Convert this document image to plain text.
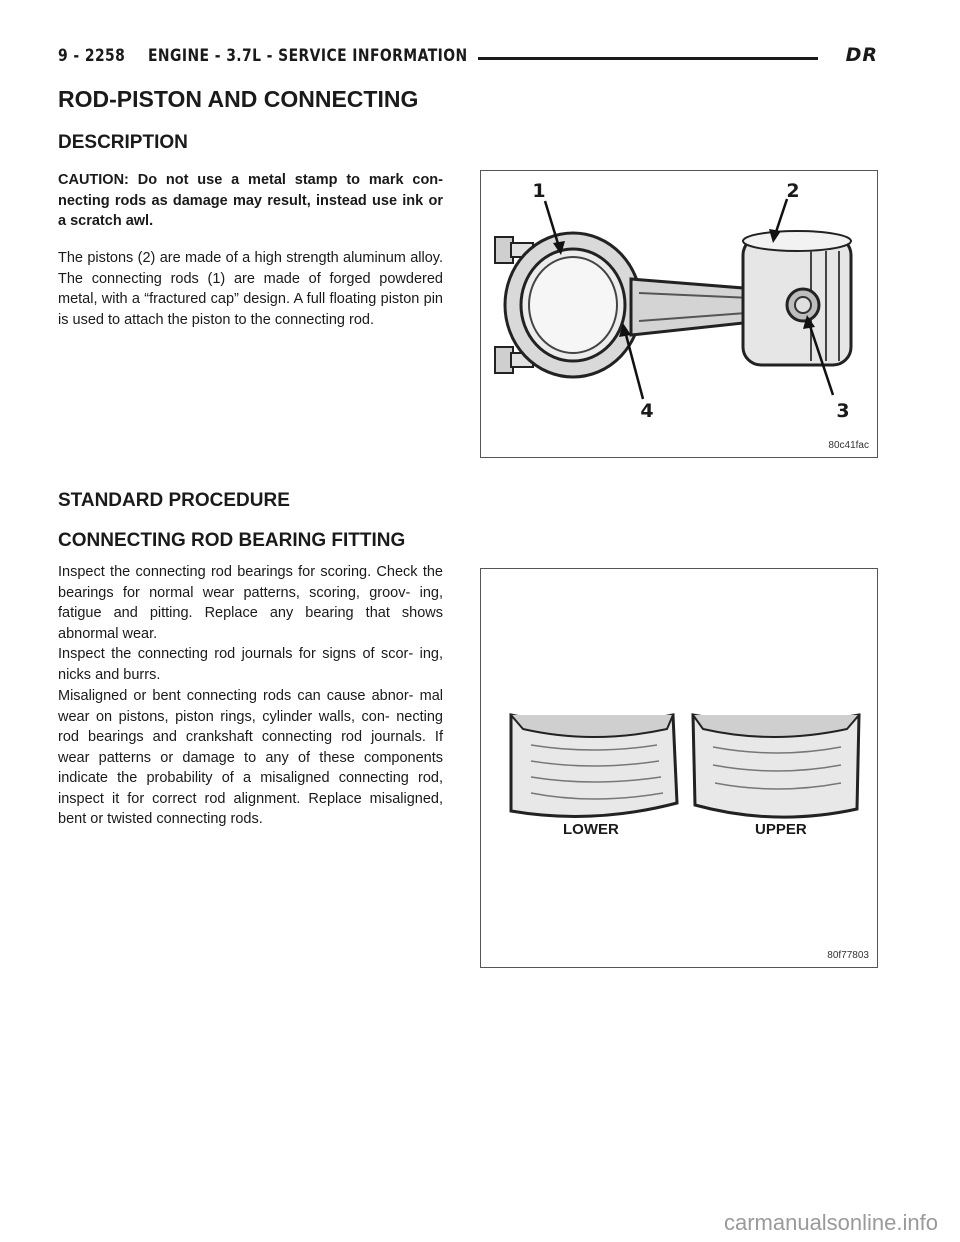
9 - 2258 ENGINE - 3.7L - SERVICE INFORMATION	DR
ROD-PISTON AND CONNECTING
DESCRIPTION
CAUTION: Do not use a metal stamp to mark con- necting rods as damage may result, instead use ink or a scratch awl.
The pistons (2) are made of a high strength aluminum alloy. The connecting rods (1) are made of forged powdered metal, with a “fractured cap” design. A full floating piston pin is used to attach the piston to the connecting rod.
1	2
3
4
80c41fac
STANDARD PROCEDURE
CONNECTING ROD BEARING FITTING
Inspect the connecting rod bearings for scoring. Check the bearings for normal wear patterns, scoring, groov- ing, fatigue and pitting. Replace any bearing that shows abnormal wear.
Inspect the connecting rod journals for signs of scor- ing, nicks and burrs.
Misaligned or bent connecting rods can cause abnor- mal wear on pistons, piston rings, cylinder walls, con- necting rod bearings and crankshaft connecting rod journals. If wear patterns or damage to any of these components indicate the probability of a misaligned connecting rod, inspect it for correct rod alignment. Replace misaligned, bent or twisted connecting rods.
LOWER	UPPER
80f77803
carmanualsonline.info
